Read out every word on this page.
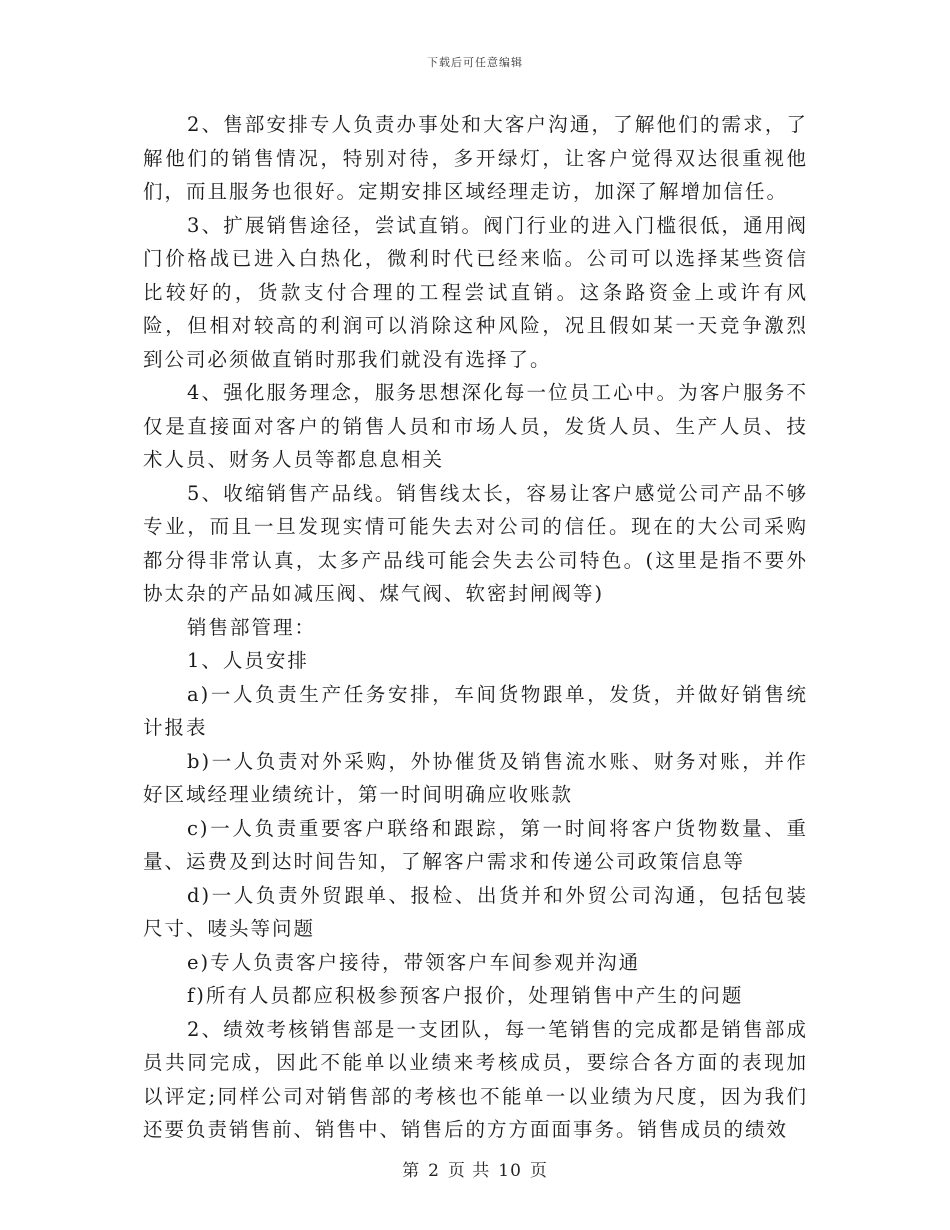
下载后可任意编辑

2、售部安排专人负责办事处和大客户沟通，了解他们的需求，了解他们的销售情况，特别对待，多开绿灯，让客户觉得双达很重视他们，而且服务也很好。定期安排区域经理走访，加深了解增加信任。

3、扩展销售途径，尝试直销。阀门行业的进入门槛很低，通用阀门价格战已进入白热化，微利时代已经来临。公司可以选择某些资信比较好的，货款支付合理的工程尝试直销。这条路资金上或许有风险，但相对较高的利润可以消除这种风险，况且假如某一天竞争激烈到公司必须做直销时那我们就没有选择了。

4、强化服务理念，服务思想深化每一位员工心中。为客户服务不仅是直接面对客户的销售人员和市场人员，发货人员、生产人员、技术人员、财务人员等都息息相关

5、收缩销售产品线。销售线太长，容易让客户感觉公司产品不够专业，而且一旦发现实情可能失去对公司的信任。现在的大公司采购都分得非常认真，太多产品线可能会失去公司特色。(这里是指不要外协太杂的产品如减压阀、煤气阀、软密封闸阀等)

销售部管理：

1、人员安排

a)一人负责生产任务安排，车间货物跟单，发货，并做好销售统计报表

b)一人负责对外采购，外协催货及销售流水账、财务对账，并作好区域经理业绩统计，第一时间明确应收账款

c)一人负责重要客户联络和跟踪，第一时间将客户货物数量、重量、运费及到达时间告知，了解客户需求和传递公司政策信息等

d)一人负责外贸跟单、报检、出货并和外贸公司沟通，包括包装尺寸、唛头等问题

e)专人负责客户接待，带领客户车间参观并沟通

f)所有人员都应积极参预客户报价，处理销售中产生的问题

2、绩效考核销售部是一支团队，每一笔销售的完成都是销售部成员共同完成，因此不能单以业绩来考核成员，要综合各方面的表现加以评定;同样公司对销售部的考核也不能单一以业绩为尺度，因为我们还要负责销售前、销售中、销售后的方方面面事务。销售成员的绩效

第 2 页 共 10 页
